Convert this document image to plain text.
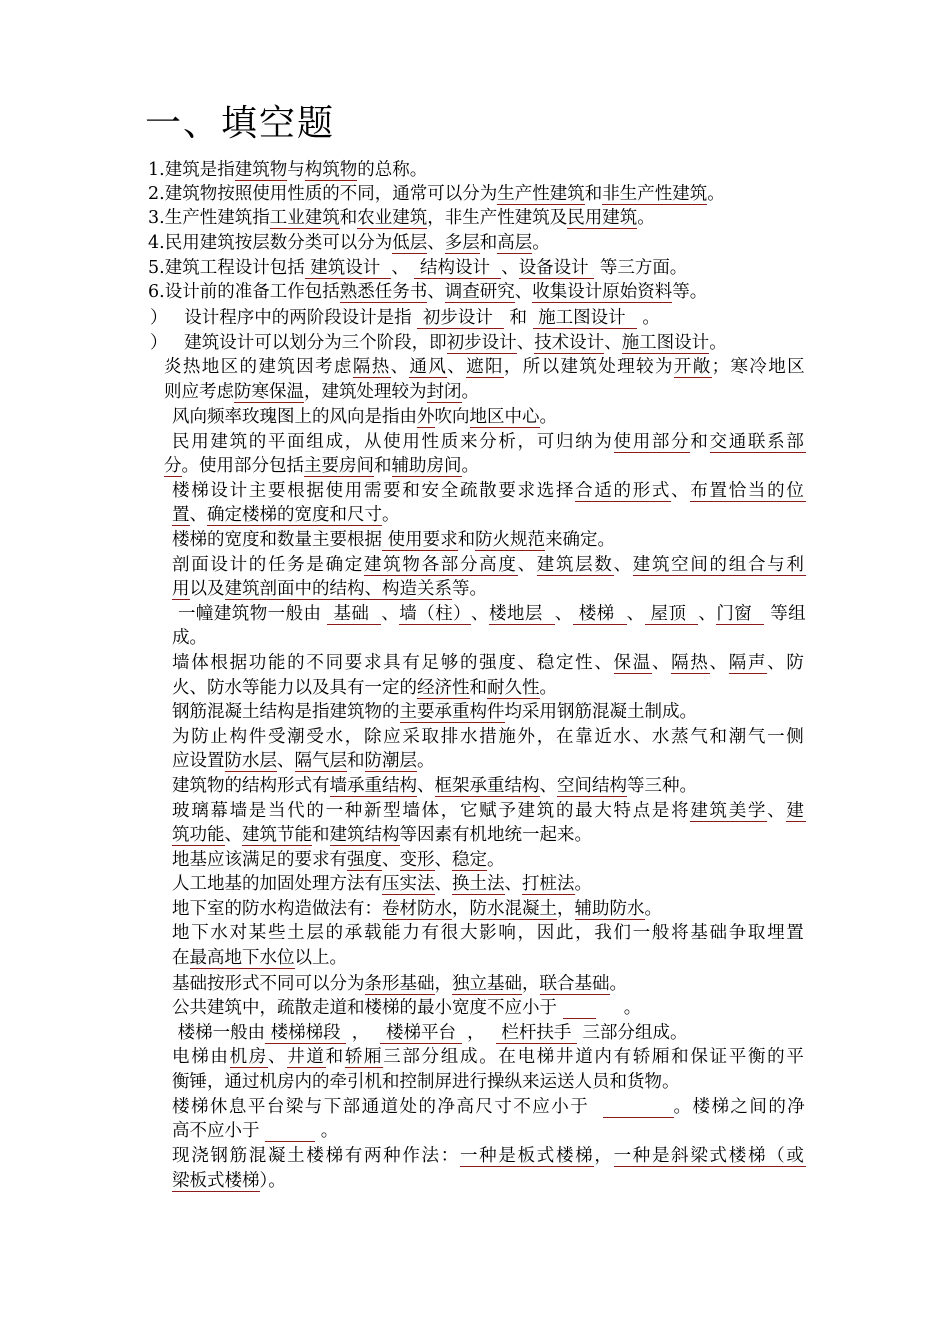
一、填空题
1.建筑是指建筑物与构筑物的总称。
2.建筑物按照使用性质的不同，通常可以分为生产性建筑和非生产性建筑。
3.生产性建筑指工业建筑和农业建筑，非生产性建筑及民用建筑。
4.民用建筑按层数分类可以分为低层、多层和高层。
5.建筑工程设计包括 建筑设计  、  结构设计  、设备设计  等三方面。
6.设计前的准备工作包括熟悉任务书、调查研究、收集设计原始资料等。
）   设计程序中的两阶段设计是指  初步设计   和  施工图设计   。
）   建筑设计可以划分为三个阶段，即初步设计、技术设计、施工图设计。
炎热地区的建筑因考虑隔热、通风、遮阳，所以建筑处理较为开敞；寒冷地区
则应考虑防寒保温，建筑处理较为封闭。
风向频率玫瑰图上的风向是指由外吹向地区中心。
民用建筑的平面组成，从使用性质来分析，可归纳为使用部分和交通联系部
分。使用部分包括主要房间和辅助房间。
楼梯设计主要根据使用需要和安全疏散要求选择合适的形式、布置恰当的位
置、确定楼梯的宽度和尺寸。
楼梯的宽度和数量主要根据 使用要求和防火规范来确定。
剖面设计的任务是确定建筑物各部分高度、建筑层数、建筑空间的组合与利
用以及建筑剖面中的结构、构造关系等。
一幢建筑物一般由  基础  、墙（柱）、楼地层  、 楼梯  、 屋顶  、门窗   等组
成。
墙体根据功能的不同要求具有足够的强度、稳定性、保温、隔热、隔声、防
火、防水等能力以及具有一定的经济性和耐久性。
钢筋混凝土结构是指建筑物的主要承重构件均采用钢筋混凝土制成。
为防止构件受潮受水，除应采取排水措施外，在靠近水、水蒸气和潮气一侧
应设置防水层、隔气层和防潮层。
建筑物的结构形式有墙承重结构、框架承重结构、空间结构等三种。
玻璃幕墙是当代的一种新型墙体，它赋予建筑的最大特点是将建筑美学、建
筑功能、建筑节能和建筑结构等因素有机地统一起来。
地基应该满足的要求有强度、变形、稳定。
人工地基的加固处理方法有压实法、换土法、打桩法。
地下室的防水构造做法有：卷材防水，防水混凝土，辅助防水。
地下水对某些土层的承载能力有很大影响，因此，我们一般将基础争取埋置
在最高地下水位以上。
基础按形式不同可以分为条形基础，独立基础，联合基础。
公共建筑中，疏散走道和楼梯的最小宽度不应小于            。
楼梯一般由 楼梯梯段  ，   楼梯平台  ，   栏杆扶手  三部分组成。
电梯由机房、井道和轿厢三部分组成。在电梯井道内有轿厢和保证平衡的平
衡锤，通过机房内的牵引机和控制屏进行操纵来运送人员和货物。
楼梯休息平台梁与下部通道处的净高尺寸不应小于	。楼梯之间的净
高不应小于	。
现浇钢筋混凝土楼梯有两种作法：一种是板式楼梯，一种是斜梁式楼梯（或
梁板式楼梯）。
